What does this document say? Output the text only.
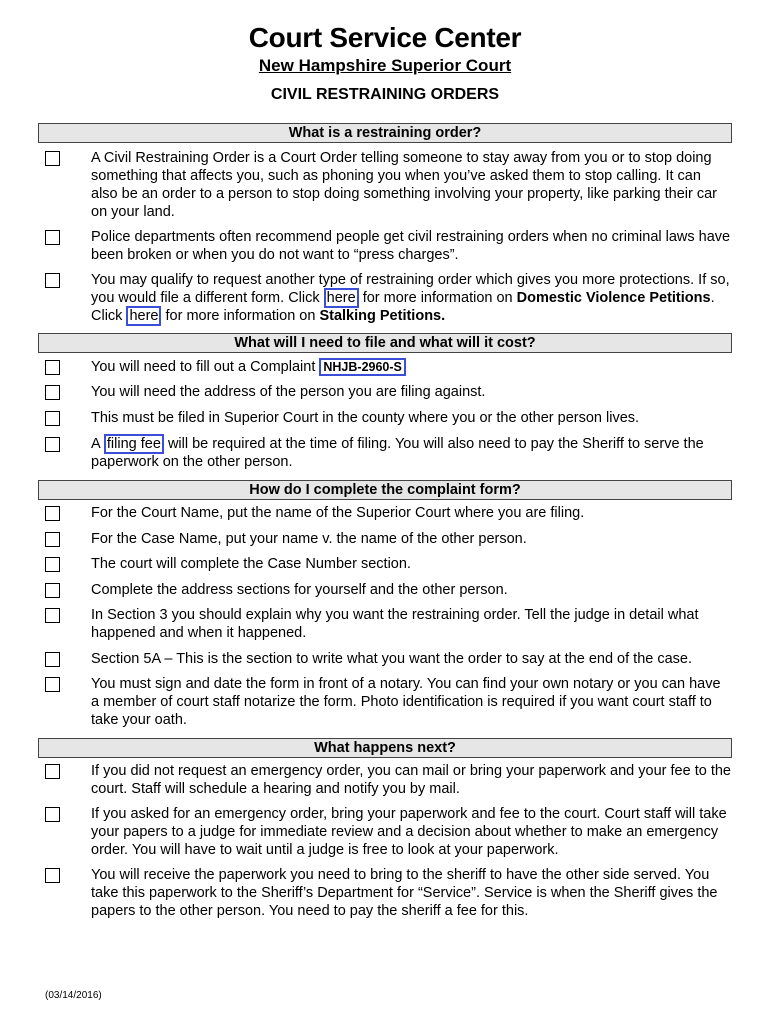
Court Service Center
New Hampshire Superior Court
CIVIL RESTRAINING ORDERS
What is a restraining order?
A Civil Restraining Order is a Court Order telling someone to stay away from you or to stop doing something that affects you, such as phoning you when you’ve asked them to stop calling. It can also be an order to a person to stop doing something involving your property, like parking their car on your land.
Police departments often recommend people get civil restraining orders when no criminal laws have been broken or when you do not want to “press charges”.
You may qualify to request another type of restraining order which gives you more protections. If so, you would file a different form. Click here for more information on Domestic Violence Petitions. Click here for more information on Stalking Petitions.
What will I need to file and what will it cost?
You will need to fill out a Complaint NHJB-2960-S
You will need the address of the person you are filing against.
This must be filed in Superior Court in the county where you or the other person lives.
A filing fee will be required at the time of filing. You will also need to pay the Sheriff to serve the paperwork on the other person.
How do I complete the complaint form?
For the Court Name, put the name of the Superior Court where you are filing.
For the Case Name, put your name v. the name of the other person.
The court will complete the Case Number section.
Complete the address sections for yourself and the other person.
In Section 3 you should explain why you want the restraining order. Tell the judge in detail what happened and when it happened.
Section 5A – This is the section to write what you want the order to say at the end of the case.
You must sign and date the form in front of a notary. You can find your own notary or you can have a member of court staff notarize the form. Photo identification is required if you want court staff to take your oath.
What happens next?
If you did not request an emergency order, you can mail or bring your paperwork and your fee to the court. Staff will schedule a hearing and notify you by mail.
If you asked for an emergency order, bring your paperwork and fee to the court. Court staff will take your papers to a judge for immediate review and a decision about whether to make an emergency order. You will have to wait until a judge is free to look at your paperwork.
You will receive the paperwork you need to bring to the sheriff to have the other side served. You take this paperwork to the Sheriff’s Department for “Service”. Service is when the Sheriff gives the papers to the other person. You need to pay the sheriff a fee for this.
(03/14/2016)
